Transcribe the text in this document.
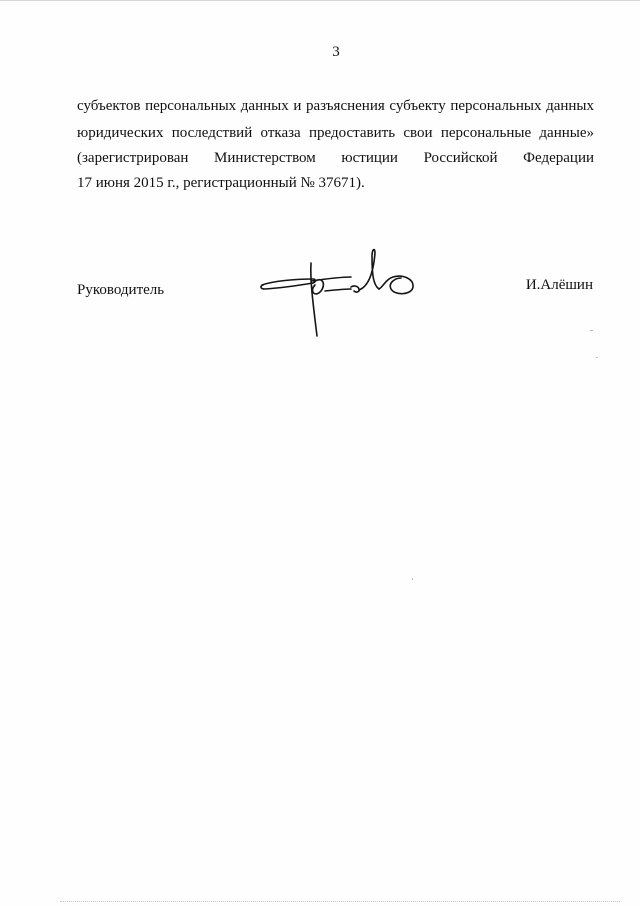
3
субъектов персональных данных и разъяснения субъекту персональных данных
юридических последствий отказа предоставить свои персональные данные»
(зарегистрирован Министерством юстиции Российской Федерации
17 июня 2015 г., регистрационный № 37671).
Руководитель	И.Алёшин
